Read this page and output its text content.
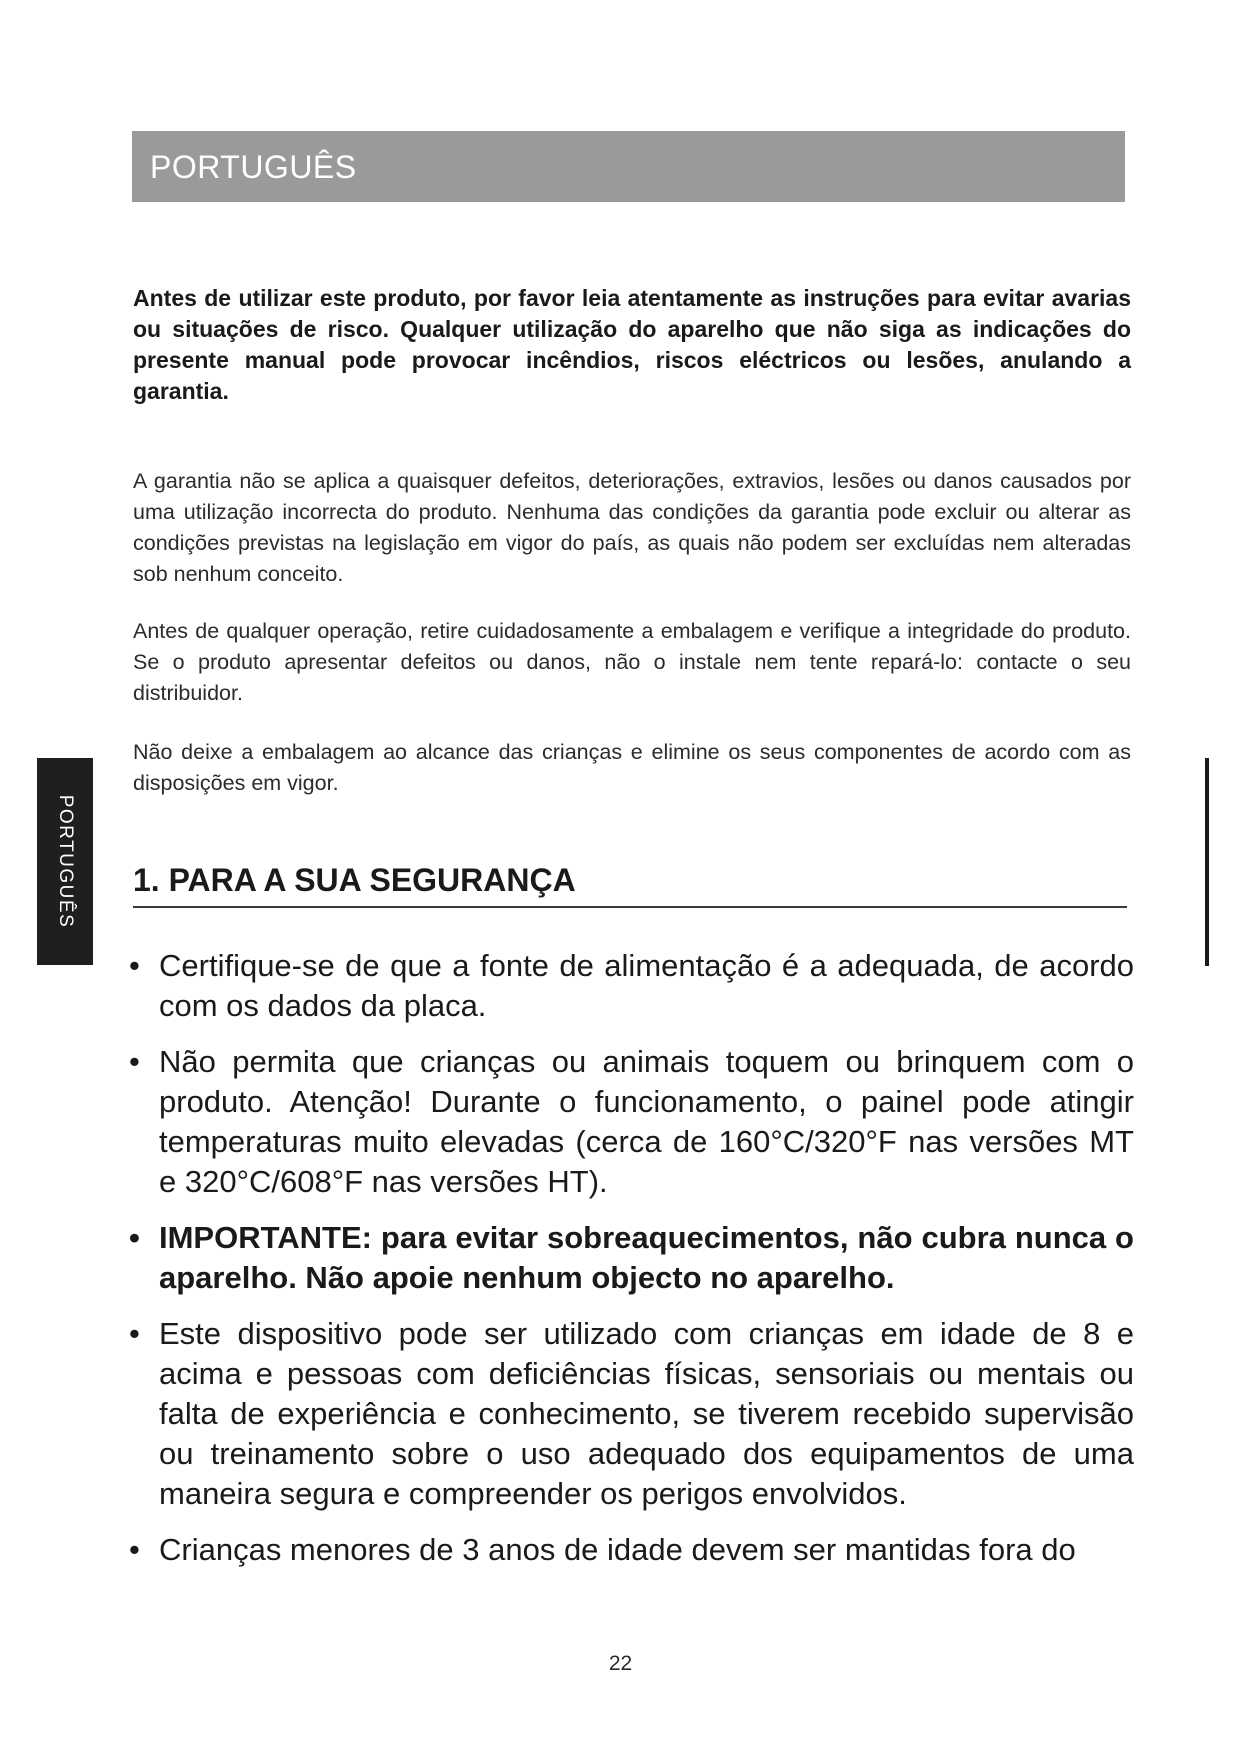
PORTUGUÊS
PORTUGUÊS

Antes de utilizar este produto, por favor leia atentamente as instruções para evitar avarias ou situações de risco. Qualquer utilização do aparelho que não siga as indicações do presente manual pode provocar incêndios, riscos eléctricos ou lesões, anulando a garantia.

A garantia não se aplica a quaisquer defeitos, deteriorações, extravios, lesões ou danos causados por uma utilização incorrecta do produto. Nenhuma das condições da garantia pode excluir ou alterar as condições previstas na legislação em vigor do país, as quais não podem ser excluídas nem alteradas sob nenhum conceito.

Antes de qualquer operação, retire cuidadosamente a embalagem e verifique a integridade do produto. Se o produto apresentar defeitos ou danos, não o instale nem tente repará-lo: contacte o seu distribuidor.

Não deixe a embalagem ao alcance das crianças e elimine os seus componentes de acordo com as disposições em vigor.

1. PARA A SUA SEGURANÇA
• Certifique-se de que a fonte de alimentação é a adequada, de acordo com os dados da placa.
• Não permita que crianças ou animais toquem ou brinquem com o produto. Atenção! Durante o funcionamento, o painel pode atingir temperaturas muito elevadas (cerca de 160°C/320°F nas versões MT e 320°C/608°F nas versões HT).
• IMPORTANTE: para evitar sobreaquecimentos, não cubra nunca o aparelho. Não apoie nenhum objecto no aparelho.
• Este dispositivo pode ser utilizado com crianças em idade de 8 e acima e pessoas com deficiências físicas, sensoriais ou mentais ou falta de experiência e conhecimento, se tiverem recebido supervisão ou treinamento sobre o uso adequado dos equipamentos de uma maneira segura e compreender os perigos envolvidos.
• Crianças menores de 3 anos de idade devem ser mantidas fora do
22
